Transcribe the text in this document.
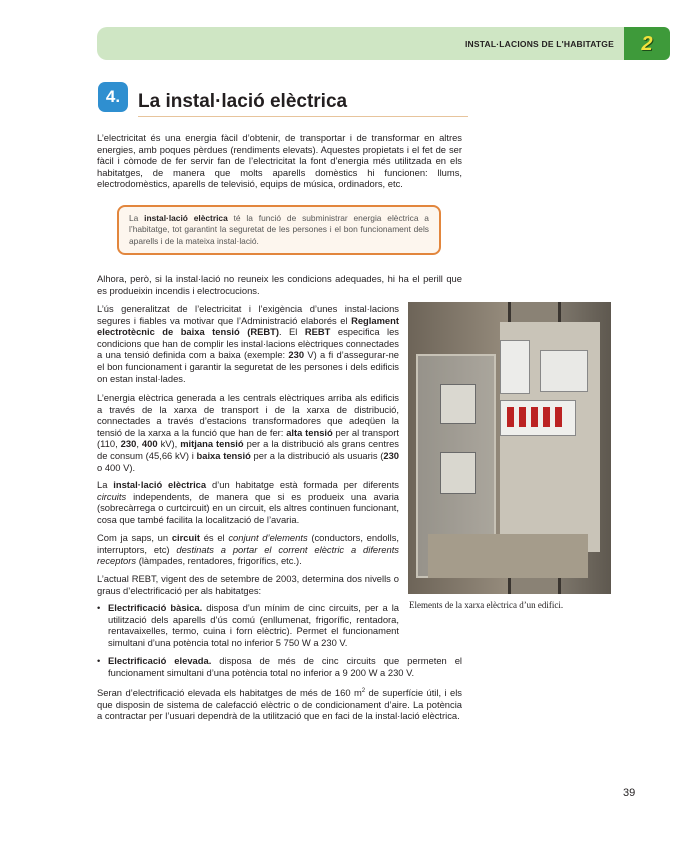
INSTAL·LACIONS DE L'HABITATGE	2
4. La instal·lació elèctrica

L’electricitat és una energia fàcil d’obtenir, de transportar i de transformar en altres energies, amb poques pèrdues (rendiments elevats). Aquestes propietats i el fet de ser fàcil i còmode de fer servir fan de l’electricitat la font d’energia més utilitzada en els habitatges, de manera que molts aparells domèstics hi funcionen: llums, electrodomèstics, aparells de televisió, equips de música, ordinadors, etc.

La instal·lació elèctrica té la funció de subministrar energia elèctrica a l’habitatge, tot garantint la seguretat de les persones i el bon funcionament dels aparells i de la mateixa instal·lació.

Alhora, però, si la instal·lació no reuneix les condicions adequades, hi ha el perill que es produeixin incendis i electrocucions.

L’ús generalitzat de l’electricitat i l’exigència d’unes instal·lacions segures i fiables va motivar que l’Administració elaborés el Reglament electrotècnic de baixa tensió (REBT). El REBT especifica les condicions que han de complir les instal·lacions elèctriques connectades a una tensió definida com a baixa (exemple: 230 V) a fi d’assegurar-ne el bon funcionament i garantir la seguretat de les persones i dels edificis on estan instal·lades.

L’energia elèctrica generada a les centrals elèctriques arriba als edificis a través de la xarxa de transport i de la xarxa de distribució, connectades a través d’estacions transformadores que adeqüen la tensió de la xarxa a la funció que han de fer: alta tensió per al transport (110, 230, 400 kV), mitjana tensió per a la distribució als grans centres de consum (45,66 kV) i baixa tensió per a la distribució als usuaris (230 o 400 V).

La instal·lació elèctrica d’un habitatge està formada per diferents circuits independents, de manera que si es produeix una avaria (sobrecàrrega o curtcircuit) en un circuit, els altres continuen funcionant, cosa que també facilita la localització de l’avaria.

Com ja saps, un circuit és el conjunt d’elements (conductors, endolls, interruptors, etc) destinats a portar el corrent elèctric a diferents receptors (làmpades, rentadores, frigorífics, etc.).

L’actual REBT, vigent des de setembre de 2003, determina dos nivells o graus d’electrificació per als habitatges:

• Electrificació bàsica. disposa d’un mínim de cinc circuits, per a la utilització dels aparells d’ús comú (enllumenat, frigorífic, rentadora, rentavaixelles, termo, cuina i forn elèctric). Permet el funcionament simultani d’una potència total no inferior 5 750 W a 230 V.

• Electrificació elevada. disposa de més de cinc circuits que permeten el funcionament simultani d’una potència total no inferior a 9 200 W a 230 V.

Seran d’electrificació elevada els habitatges de més de 160 $m^2$ de superfície útil, i els que disposin de sistema de calefacció elèctric o de condicionament d’aire. La potència a contractar per l’usuari dependrà de la utilització que en faci de la instal·lació elèctrica.

Elements de la xarxa elèctrica d’un edifici.
39
